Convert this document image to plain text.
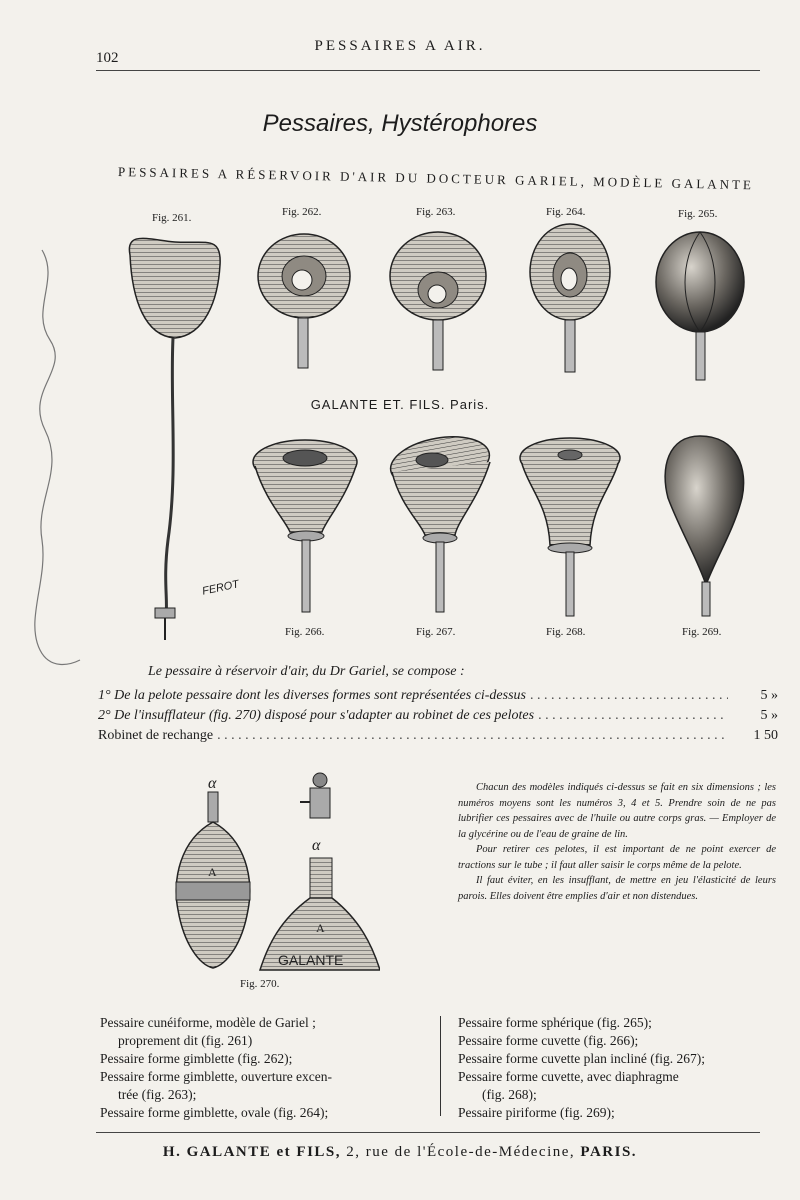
102
PESSAIRES A AIR.
Pessaires, Hystérophores
PESSAIRES A RÉSERVOIR D'AIR DU DOCTEUR GARIEL, MODÈLE GALANTE
Fig. 261.	Fig. 262.	Fig. 263.	Fig. 264.	Fig. 265.
GALANTE ET. FILS. Paris.
FEROT
Fig. 266.	Fig. 267.	Fig. 268.	Fig. 269.
Le pessaire à réservoir d'air, du Dr Gariel, se compose :
1° De la pelote pessaire dont les diverses formes sont représentées ci-dessus . . .	5 »
2° De l'insufflateur (fig. 270) disposé pour s'adapter au robinet de ces pelotes . . .	5 »
Robinet de rechange . . .	1 50
α
A
α
A
GALANTE
Fig. 270.

Chacun des modèles indiqués ci-dessus se fait en six dimensions ; les numéros moyens sont les numéros 3, 4 et 5. Prendre soin de ne pas lubrifier ces pessaires avec de l'huile ou autre corps gras. — Employer de la glycérine ou de l'eau de graine de lin.

Pour retirer ces pelotes, il est important de ne point exercer de tractions sur le tube ; il faut aller saisir le corps même de la pelote.

Il faut éviter, en les insufflant, de mettre en jeu l'élasticité de leurs parois. Elles doivent être emplies d'air et non distendues.

Pessaire cunéiforme, modèle de Gariel ;
proprement dit (fig. 261)
Pessaire forme gimblette (fig. 262);
Pessaire forme gimblette, ouverture excen-
trée (fig. 263);
Pessaire forme gimblette, ovale (fig. 264);
Pessaire forme sphérique (fig. 265);
Pessaire forme cuvette (fig. 266);
Pessaire forme cuvette plan incliné (fig. 267);
Pessaire forme cuvette, avec diaphragme
(fig. 268);
Pessaire piriforme (fig. 269);
H. GALANTE et FILS, 2, rue de l'École-de-Médecine, PARIS.
